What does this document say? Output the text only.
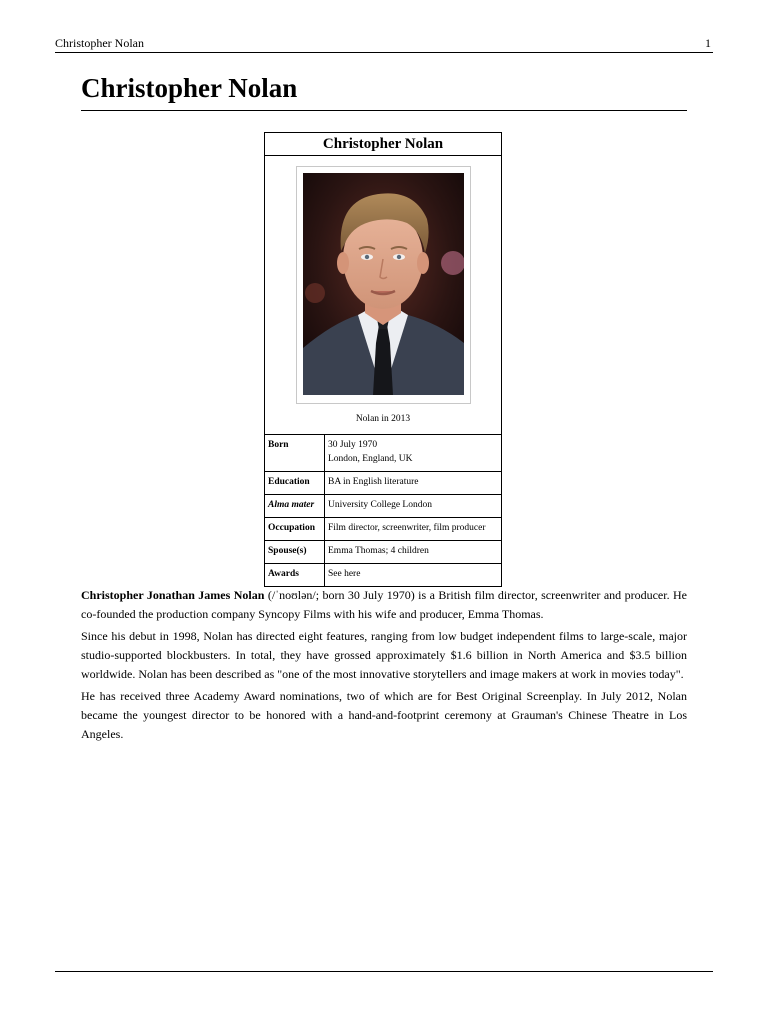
Christopher Nolan	1
Christopher Nolan
Christopher Nolan
Nolan in 2013
Born	30 July 1970
London, England, UK

Education	BA in English literature
Alma mater	University College London
Occupation	Film director, screenwriter, film producer
Spouse(s)	Emma Thomas; 4 children
Awards	See here

Christopher Jonathan James Nolan (/ˈnoʊlən/; born 30 July 1970) is a British film director, screenwriter and producer. He co-founded the production company Syncopy Films with his wife and producer, Emma Thomas.

Since his debut in 1998, Nolan has directed eight features, ranging from low budget independent films to large-scale, major studio-supported blockbusters. In total, they have grossed approximately $1.6 billion in North America and $3.5 billion worldwide. Nolan has been described as "one of the most innovative storytellers and image makers at work in movies today".

He has received three Academy Award nominations, two of which are for Best Original Screenplay. In July 2012, Nolan became the youngest director to be honored with a hand-and-footprint ceremony at Grauman's Chinese Theatre in Los Angeles.
